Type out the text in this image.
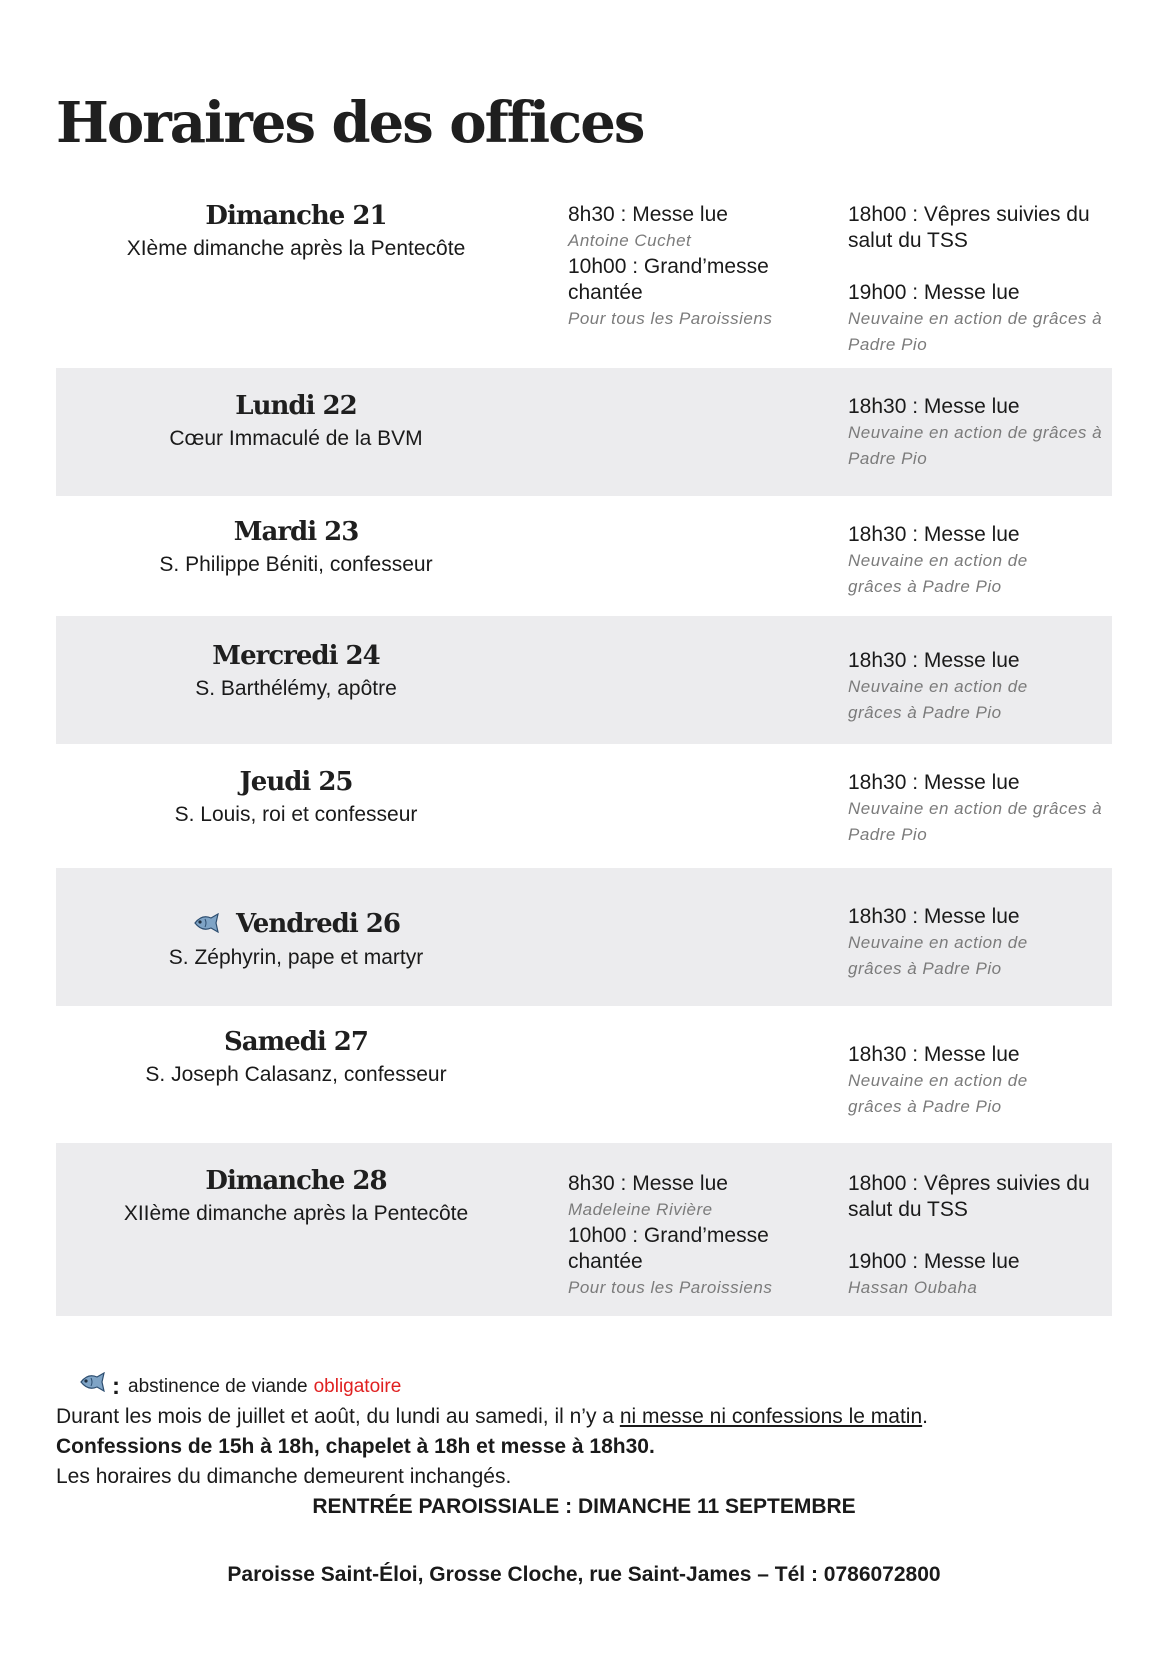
Horaires des offices
Dimanche 21
XIème dimanche après la Pentecôte
8h30 : Messe lue
Antoine Cuchet
10h00 : Grand’messe chantée
Pour tous les Paroissiens
18h00 : Vêpres suivies du salut du TSS
19h00 : Messe lue
Neuvaine en action de grâces à Padre Pio
Lundi 22
Cœur Immaculé de la BVM
18h30 : Messe lue
Neuvaine en action de grâces à Padre Pio
Mardi 23
S. Philippe Béniti, confesseur
18h30 : Messe lue
Neuvaine en action de grâces à Padre Pio
Mercredi 24
S. Barthélémy, apôtre
18h30 : Messe lue
Neuvaine en action de grâces à Padre Pio
Jeudi 25
S. Louis, roi et confesseur
18h30 : Messe lue
Neuvaine en action de grâces à Padre Pio
Vendredi 26
S. Zéphyrin, pape et martyr
18h30 : Messe lue
Neuvaine en action de grâces à Padre Pio
Samedi 27
S. Joseph Calasanz, confesseur
18h30 : Messe lue
Neuvaine en action de grâces à Padre Pio
Dimanche 28
XIIème dimanche après la Pentecôte
8h30 : Messe lue
Madeleine Rivière
10h00 : Grand’messe chantée
Pour tous les Paroissiens
18h00 : Vêpres suivies du salut du TSS
19h00 : Messe lue
Hassan Oubaha
: abstinence de viande obligatoire
Durant les mois de juillet et août, du lundi au samedi, il n’y a ni messe ni confessions le matin.
Confessions de 15h à 18h, chapelet à 18h et messe à 18h30.
Les horaires du dimanche demeurent inchangés.
RENTRÉE PAROISSIALE : DIMANCHE 11 SEPTEMBRE
Paroisse Saint-Éloi, Grosse Cloche, rue Saint-James – Tél : 0786072800
